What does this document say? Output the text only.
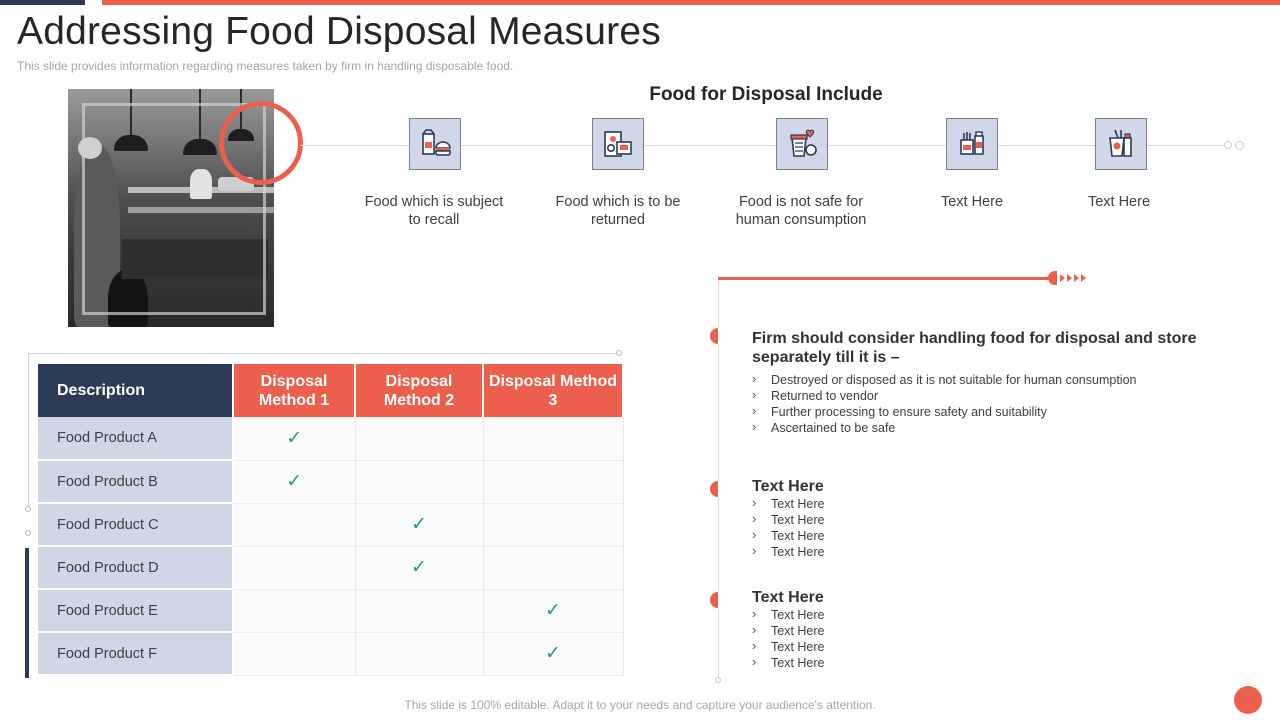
Addressing Food Disposal Measures
This slide provides information regarding measures taken by firm in handling disposable food.
Food for Disposal Include
Food which is subject to recall
Food which is to be returned
Food is not safe for human consumption
Text Here	Text Here
Description	Disposal Method 1	Disposal Method 2	Disposal Method 3
Food Product A	✓		
Food Product B	✓		
Food Product C		✓	
Food Product D		✓	
Food Product E			✓
Food Product F			✓
Firm should consider handling food for disposal and store separately till it is –
› Destroyed or disposed as it is not suitable for human consumption
› Returned to vendor
› Further processing to ensure safety and suitability
› Ascertained to be safe
Text Here
› Text Here
› Text Here
› Text Here
› Text Here
Text Here
› Text Here
› Text Here
› Text Here
› Text Here
This slide is 100% editable. Adapt it to your needs and capture your audience's attention.
